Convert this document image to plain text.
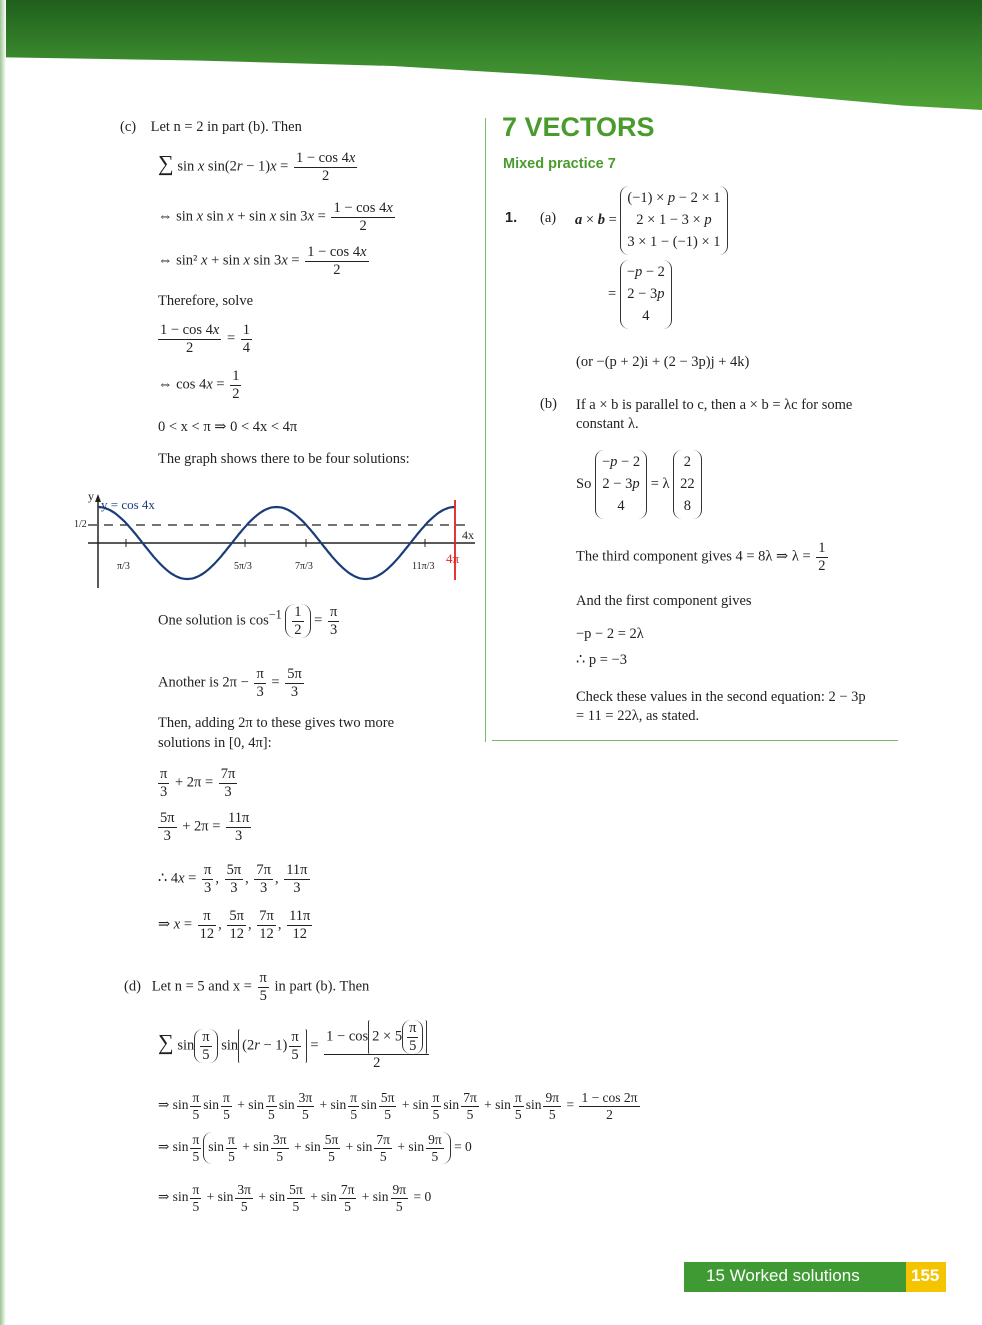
(c) Let n = 2 in part (b). Then
∑ sin x $\sin(2r - 1)x = \frac{1 - \cos 4x}{2}$
⇔ sin x sin x + sin x $\sin 3x = \frac{1 - \cos 4x}{2}$
⇔ sin² x + sin x $\sin 3x = \frac{1 - \cos 4x}{2}$
Therefore, solve
$\frac{1 - \cos 4x}{2} = \frac{1}{4}$
⇔ $\cos 4x = \frac{1}{2}$
0 < x < π ⇒ 0 < 4x < 4π
The graph shows there to be four solutions:
y
y = cos 4x
4x
4π
1/2
π/3	5π/3	7π/3	11π/3
One solution is $\cos^{-1} \frac{1}{2} = \frac{\pi}{3}$
Another is $2\pi - \frac{\pi}{3} = \frac{5\pi}{3}$
Then, adding 2π to these gives two more
solutions in [0, 4π]:
$\frac{\pi}{3} + 2\pi = \frac{7\pi}{3}$
$\frac{5\pi}{3} + 2\pi = \frac{11\pi}{3}$
∴ $4x = \frac{\pi}{3}$ , $\frac{5\pi}{3}$ , $\frac{7\pi}{3}$ , $\frac{11\pi}{3}$
⇒ $x = \frac{\pi}{12}$ , $\frac{5\pi}{12}$ , $\frac{7\pi}{12}$ , $\frac{11\pi}{12}$
(d) Let n = 5 and $x = \frac{\pi}{5}$ in part (b). Then
∑ $\sin \frac{\pi}{5}$ $\sin (2r - 1) \frac{\pi}{5} = \frac{1 - \cos 2 \times 5 \frac{\pi}{5}}{2}$
⇒ $\sin \frac{\pi}{5}$ $\sin \frac{\pi}{5} + \sin \frac{\pi}{5}$ $\sin \frac{3\pi}{5} + \sin \frac{\pi}{5}$ $\sin \frac{5\pi}{5} + \sin \frac{\pi}{5}$ $\sin \frac{7\pi}{5} + \sin \frac{\pi}{5}$ $\sin \frac{9\pi}{5} = \frac{1 - \cos 2\pi}{2}$
⇒ $\sin \frac{\pi}{5}$ $\sin \frac{\pi}{5} + \sin \frac{3\pi}{5} + \sin \frac{5\pi}{5} + \sin \frac{7\pi}{5} + \sin \frac{9\pi}{5} = 0$
⇒ $\sin \frac{\pi}{5} + \sin \frac{3\pi}{5} + \sin \frac{5\pi}{5} + \sin \frac{7\pi}{5} + \sin \frac{9\pi}{5} = 0$
7 VECTORS
Mixed practice 7
1. (a) a × b = (−1) × p − 2 × 1
2 × 1 − 3 × p
3 × 1 − (−1) × 1
= −p − 2
2 − 3p
4
(or −(p + 2)i + (2 − 3p)j + 4k)
(b) If a × b is parallel to c, then a × b = λc for some
constant λ.
So −p − 2
2 − 3p
4 = λ 2
22
8
The third component gives 4 = 8λ ⇒ $\lambda = \frac{1}{2}$
And the first component gives
−p − 2 = 2λ
∴ p = −3
Check these values in the second equation: 2 − 3p
= 11 = 22λ, as stated.
15 Worked solutions	155
